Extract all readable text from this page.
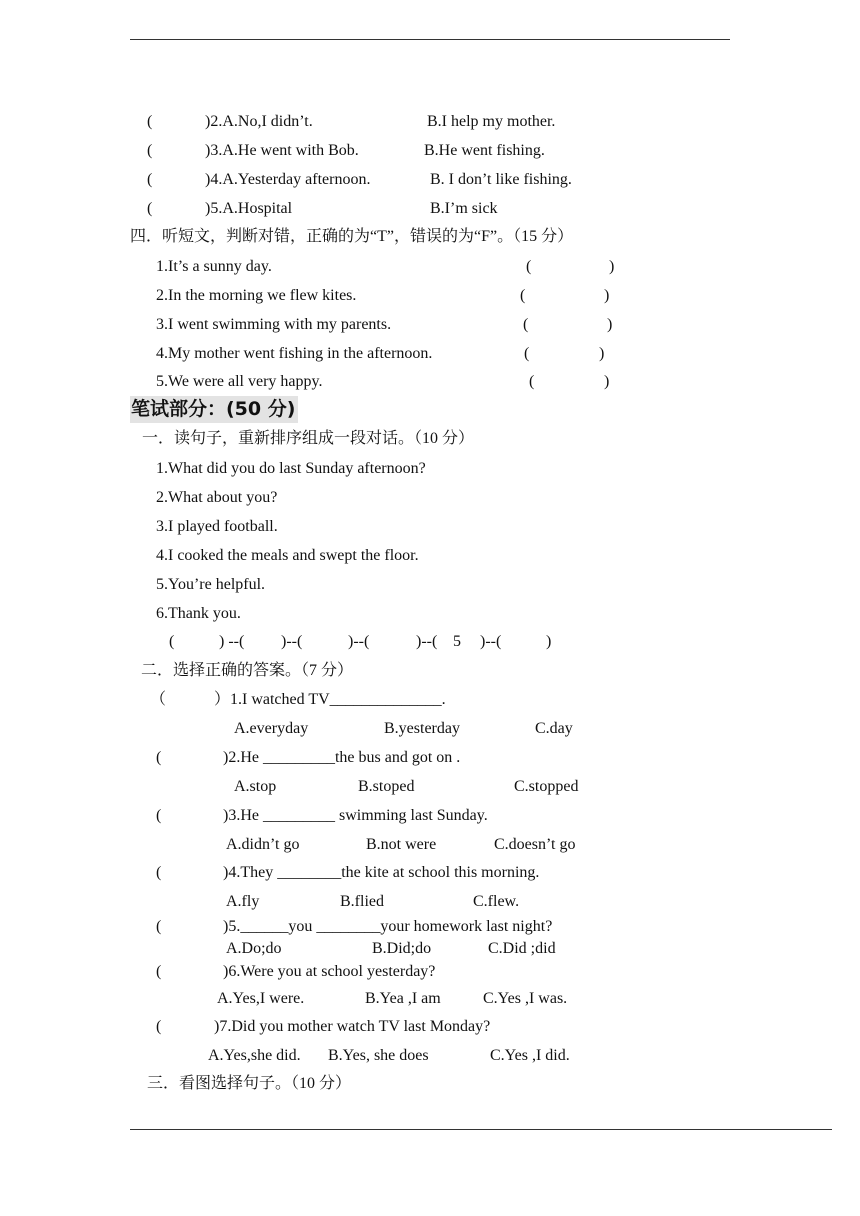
(	)2.A.No,I didn’t.	B.I help my mother.
(	)3.A.He went with Bob.	B.He went fishing.
(	)4.A.Yesterday afternoon.	B. I don’t like fishing.
(	)5.A.Hospital	B.I’m sick
四．听短文，判断对错，正确的为“T”，错误的为“F”。（15 分）
1.It’s a sunny day.	(	)
2.In the morning we flew kites.	(	)
3.I went swimming with my parents.	(	)
4.My mother went fishing in the afternoon.	(	)
5.We were all very happy.	(	)
笔试部分：(50 分)
一．读句子，重新排序组成一段对话。（10 分）
1.What did you do last Sunday afternoon?
2.What about you?
3.I played football.
4.I cooked the meals and swept the floor.
5.You’re helpful.
6.Thank you.
(	) --( )--(	)--(	)--( 5 )--(	)
二．选择正确的答案。（7 分）
（	）1.I watched TV______________.
A.everyday	B.yesterday	C.day
(	)2.He _________the bus and got on .
A.stop	B.stoped	C.stopped
(	)3.He _________ swimming last Sunday.
A.didn’t go	B.not were	C.doesn’t go
(	)4.They ________the kite at school this morning.
A.fly	B.flied	C.flew.
(	)5.______you ________your homework last night?
A.Do;do	B.Did;do	C.Did ;did
(	)6.Were you at school yesterday?
A.Yes,I were.	B.Yea ,I am	C.Yes ,I was.
(	)7.Did you mother watch TV last Monday?
A.Yes,she did. B.Yes, she does	C.Yes ,I did.
三．看图选择句子。（10 分）
